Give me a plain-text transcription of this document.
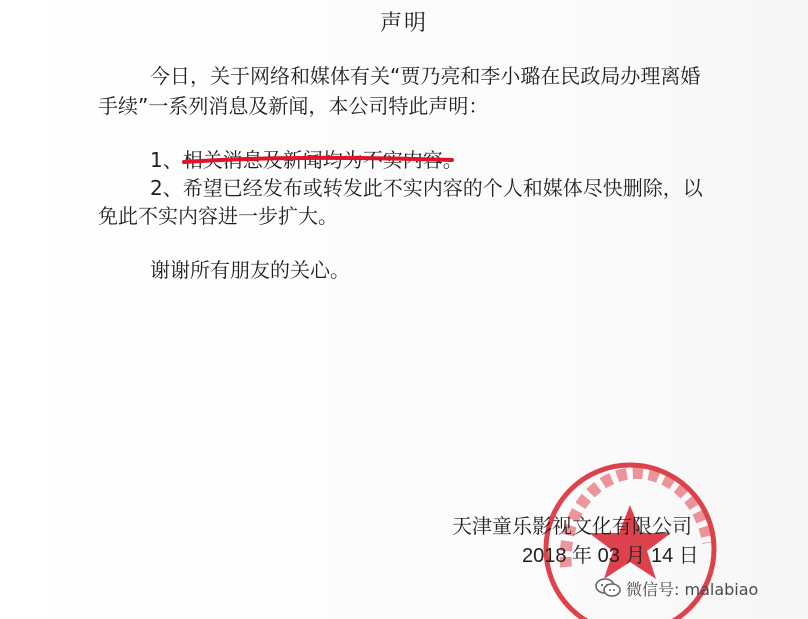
声明
今日，关于网络和媒体有关“贾乃亮和李小璐在民政局办理离婚
手续”一系列消息及新闻，本公司特此声明：
1、相关消息及新闻均为不实内容。
2、希望已经发布或转发此不实内容的个人和媒体尽快删除，以
免此不实内容进一步扩大。
谢谢所有朋友的关心。
天津童乐影视文化有限公司
2018 年 03 月 14 日
微信号: malabiao
